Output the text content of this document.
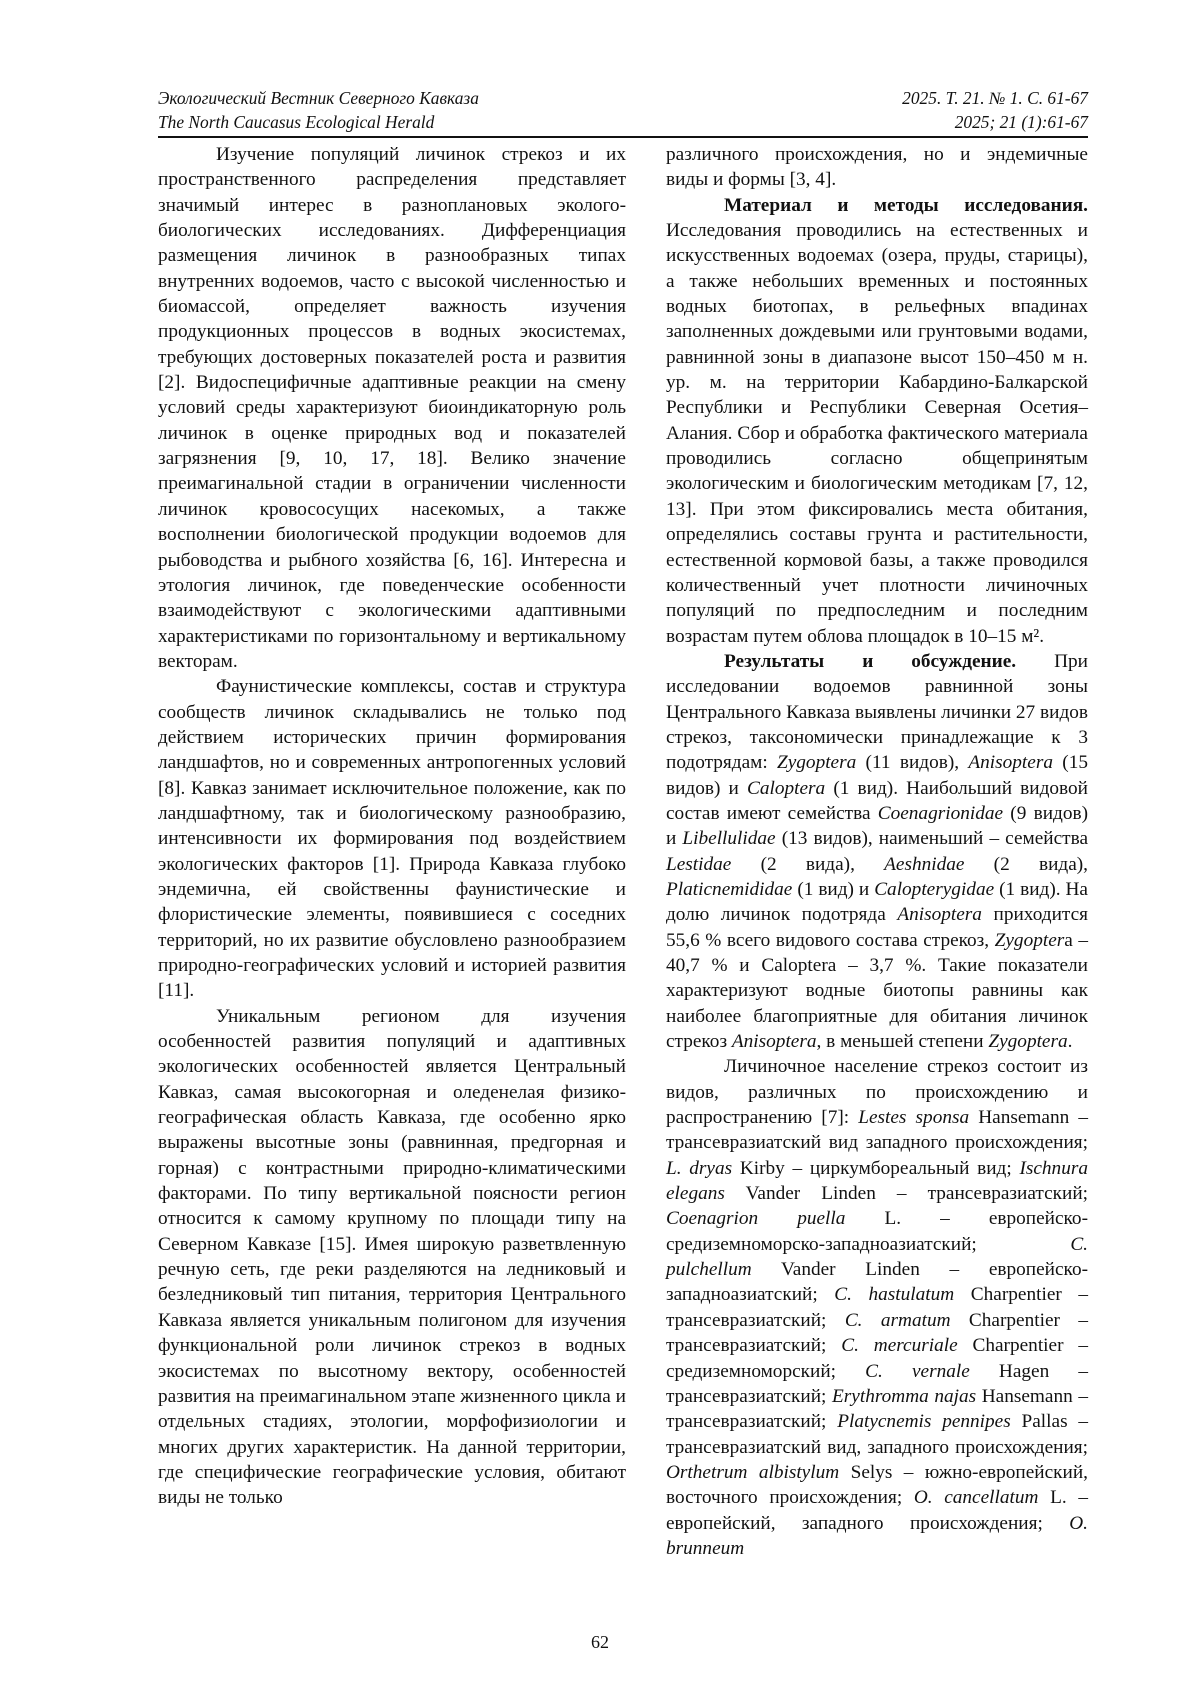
Экологический Вестник Северного Кавказа	2025. Т. 21. № 1. С. 61-67
The North Caucasus Ecological Herald	2025; 21 (1):61-67

Изучение популяций личинок стрекоз и их пространственного распределения представляет значимый интерес в разноплановых эколого-биологических исследованиях. Дифференциация размещения личинок в разнообразных типах внутренних водоемов, часто с высокой численностью и биомассой, определяет важность изучения продукционных процессов в водных экосистемах, требующих достоверных показателей роста и развития [2]. Видоспецифичные адаптивные реакции на смену условий среды характеризуют биоиндикаторную роль личинок в оценке природных вод и показателей загрязнения [9, 10, 17, 18]. Велико значение преимагинальной стадии в ограничении численности личинок кровососущих насекомых, а также восполнении биологической продукции водоемов для рыбоводства и рыбного хозяйства [6, 16]. Интересна и этология личинок, где поведенческие особенности взаимодействуют с экологическими адаптивными характеристиками по горизонтальному и вертикальному векторам.

Фаунистические комплексы, состав и структура сообществ личинок складывались не только под действием исторических причин формирования ландшафтов, но и современных антропогенных условий [8]. Кавказ занимает исключительное положение, как по ландшафтному, так и биологическому разнообразию, интенсивности их формирования под воздействием экологических факторов [1]. Природа Кавказа глубоко эндемична, ей свойственны фаунистические и флористические элементы, появившиеся с соседних территорий, но их развитие обусловлено разнообразием природно-географических условий и историей развития [11].

Уникальным регионом для изучения особенностей развития популяций и адаптивных экологических особенностей является Центральный Кавказ, самая высокогорная и оледенелая физико-географическая область Кавказа, где особенно ярко выражены высотные зоны (равнинная, предгорная и горная) с контрастными природно-климатическими факторами. По типу вертикальной поясности регион относится к самому крупному по площади типу на Северном Кавказе [15]. Имея широкую разветвленную речную сеть, где реки разделяются на ледниковый и безледниковый тип питания, территория Центрального Кавказа является уникальным полигоном для изучения функциональной роли личинок стрекоз в водных экосистемах по высотному вектору, особенностей развития на преимагинальном этапе жизненного цикла и отдельных стадиях, этологии, морфофизиологии и многих других характеристик. На данной территории, где специфические географические условия, обитают виды не только

различного происхождения, но и эндемичные виды и формы [3, 4].

Материал и методы исследования. Исследования проводились на естественных и искусственных водоемах (озера, пруды, старицы), а также небольших временных и постоянных водных биотопах, в рельефных впадинах заполненных дождевыми или грунтовыми водами, равнинной зоны в диапазоне высот 150–450 м н. ур. м. на территории Кабардино-Балкарской Республики и Республики Северная Осетия–Алания. Сбор и обработка фактического материала проводились согласно общепринятым экологическим и биологическим методикам [7, 12, 13]. При этом фиксировались места обитания, определялись составы грунта и растительности, естественной кормовой базы, а также проводился количественный учет плотности личиночных популяций по предпоследним и последним возрастам путем облова площадок в 10–15 м².

Результаты и обсуждение. При исследовании водоемов равнинной зоны Центрального Кавказа выявлены личинки 27 видов стрекоз, таксономически принадлежащие к 3 подотрядам: Zygoptera (11 видов), Anisoptera (15 видов) и Caloptera (1 вид). Наибольший видовой состав имеют семейства Coenagrionidae (9 видов) и Libellulidae (13 видов), наименьший – семейства Lestidae (2 вида), Aeshnidae (2 вида), Platicnemididae (1 вид) и Calopterygidae (1 вид). На долю личинок подотряда Anisoptera приходится 55,6 % всего видового состава стрекоз, Zygoptera – 40,7 % и Caloptera – 3,7 %. Такие показатели характеризуют водные биотопы равнины как наиболее благоприятные для обитания личинок стрекоз Anisoptera, в меньшей степени Zygoptera.

Личиночное население стрекоз состоит из видов, различных по происхождению и распространению [7]: Lestes sponsa Hansemann – трансевразиатский вид западного происхождения; L. dryas Kirby – циркумбореальный вид; Ischnura elegans Vander Linden – трансевразиатский; Coenagrion puella L. – европейско-средиземноморско-западноазиатский; C. pulchellum Vander Linden – европейско-западноазиатский; C. hastulatum Charpentier – трансевразиатский; C. armatum Charpentier – трансевразиатский; C. mercuriale Charpentier – средиземноморский; C. vernale Hagen – трансевразиатский; Erythromma najas Hansemann – трансевразиатский; Platycnemis pennipes Pallas – трансевразиатский вид, западного происхождения; Orthetrum albistylum Selys – южно-европейский, восточного происхождения; O. cancellatum L. – европейский, западного происхождения; O. brunneum

62
